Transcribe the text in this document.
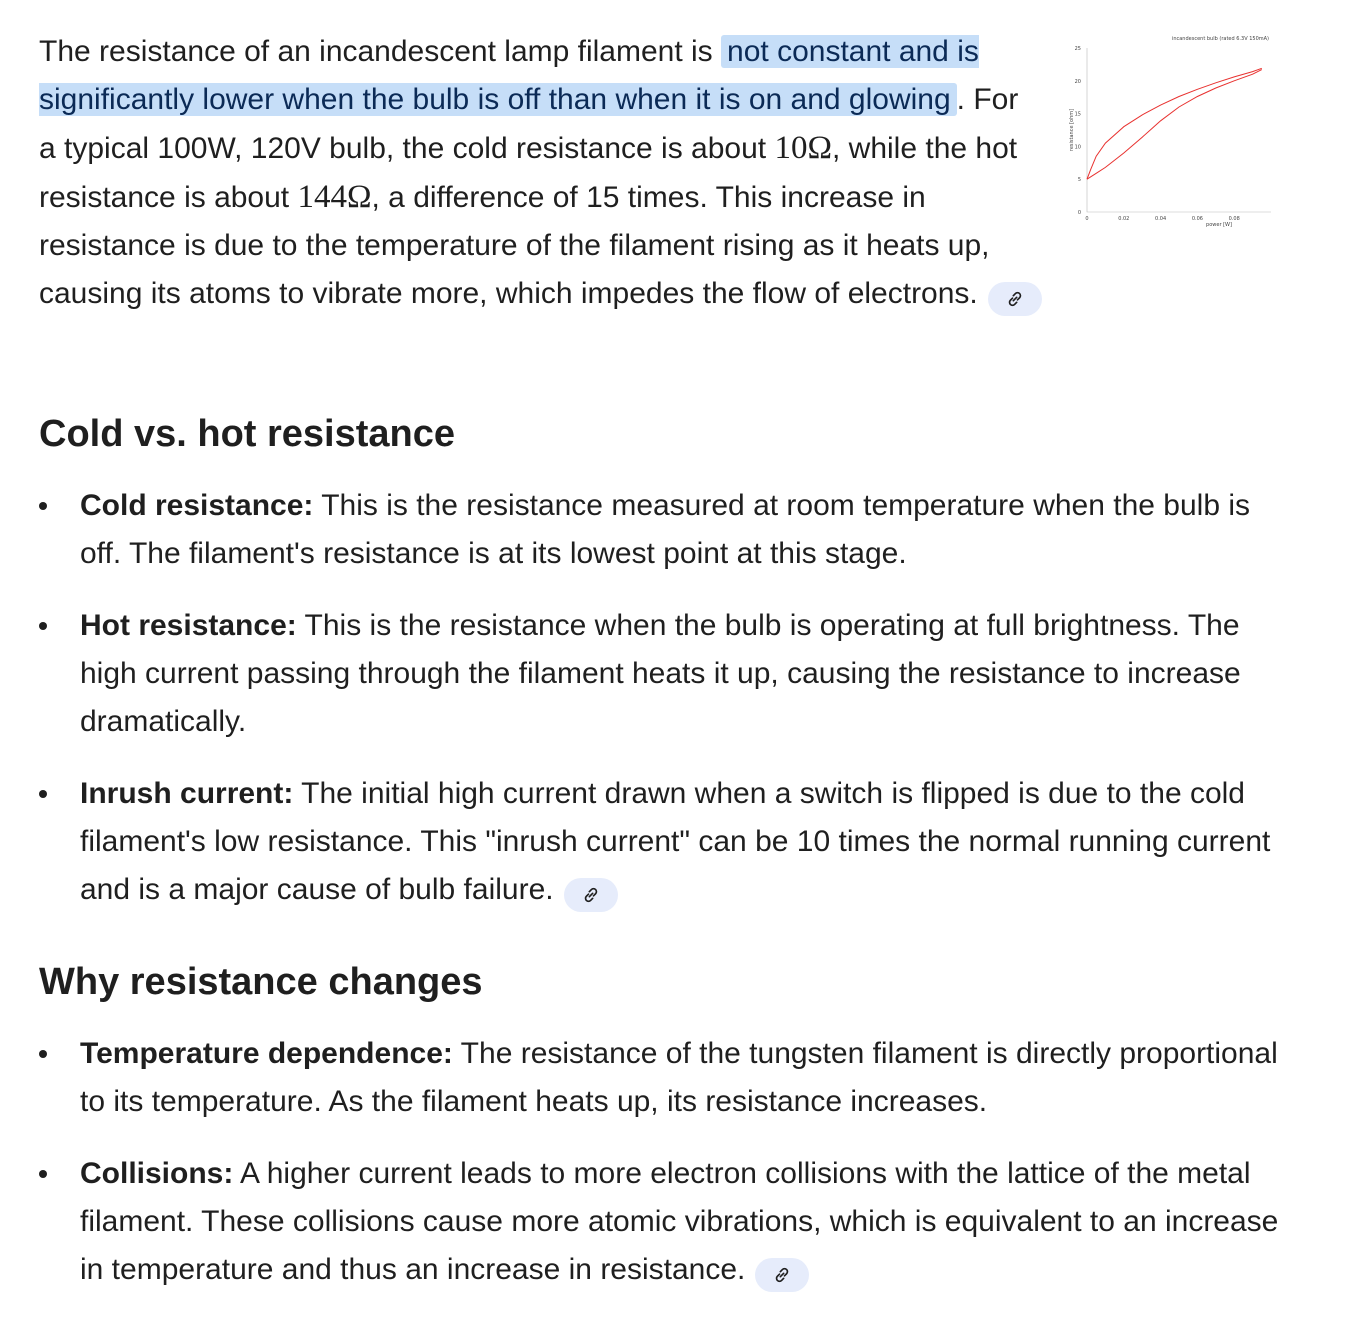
0
5
10
15
20
25
0	0.02	0.04	0.06	0.08
power [W]
resistance [ohm]
incandescent bulb (rated 6.3V 150mA)
The resistance of an incandescent lamp filament is not constant and is significantly lower when the bulb is off than when it is on and glowing . For a typical 100W, 120V bulb, the cold resistance is about 10Ω, while the hot resistance is about 144Ω, a difference of 15 times. This increase in resistance is due to the temperature of the filament rising as it heats up, causing its atoms to vibrate more, which impedes the flow of electrons.
Cold vs. hot resistance
Cold resistance: This is the resistance measured at room temperature when the bulb is off. The filament's resistance is at its lowest point at this stage.
Hot resistance: This is the resistance when the bulb is operating at full brightness. The high current passing through the filament heats it up, causing the resistance to increase dramatically.
Inrush current: The initial high current drawn when a switch is flipped is due to the cold filament's low resistance. This "inrush current" can be 10 times the normal running current and is a major cause of bulb failure.
Why resistance changes
Temperature dependence: The resistance of the tungsten filament is directly proportional to its temperature. As the filament heats up, its resistance increases.
Collisions: A higher current leads to more electron collisions with the lattice of the metal filament. These collisions cause more atomic vibrations, which is equivalent to an increase in temperature and thus an increase in resistance.
